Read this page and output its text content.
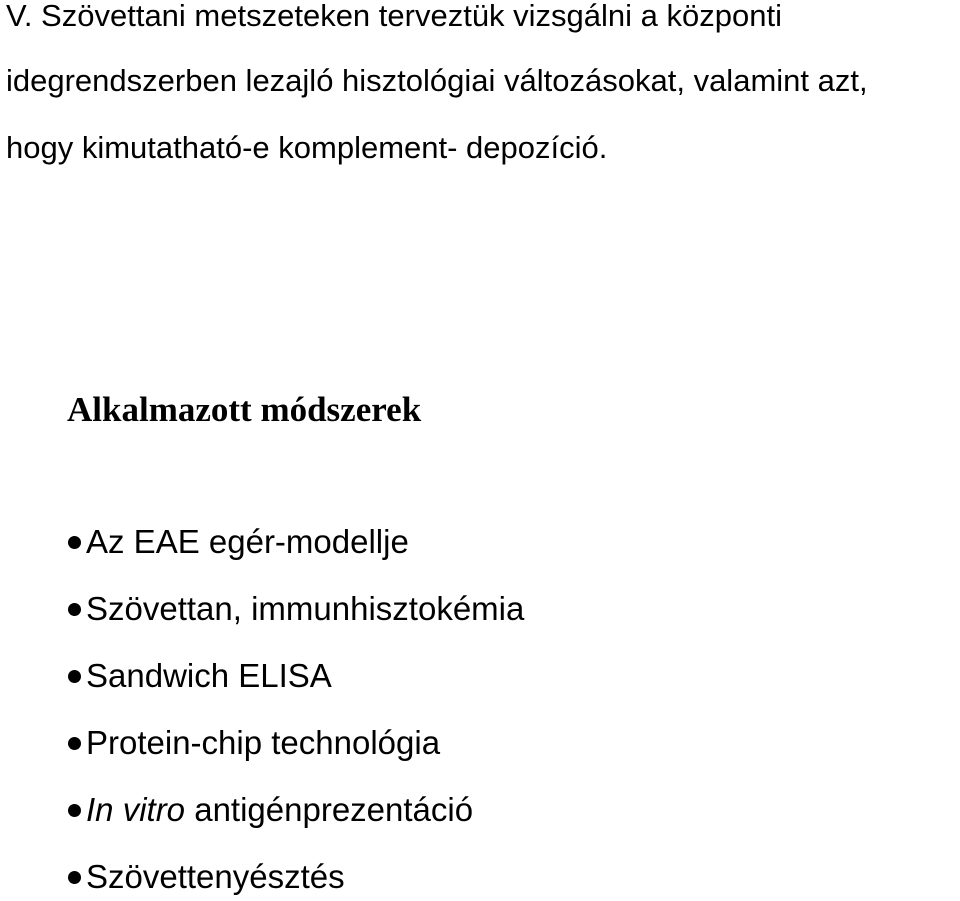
V. Szövettani metszeteken terveztük vizsgálni a központi
idegrendszerben lezajló hisztológiai változásokat, valamint azt,
hogy kimutatható-e komplement- depozíció.
Alkalmazott módszerek
Az EAE egér-modellje
Szövettan, immunhisztokémia
Sandwich ELISA
Protein-chip technológia
In vitro antigénprezentáció
Szövettenyésztés
